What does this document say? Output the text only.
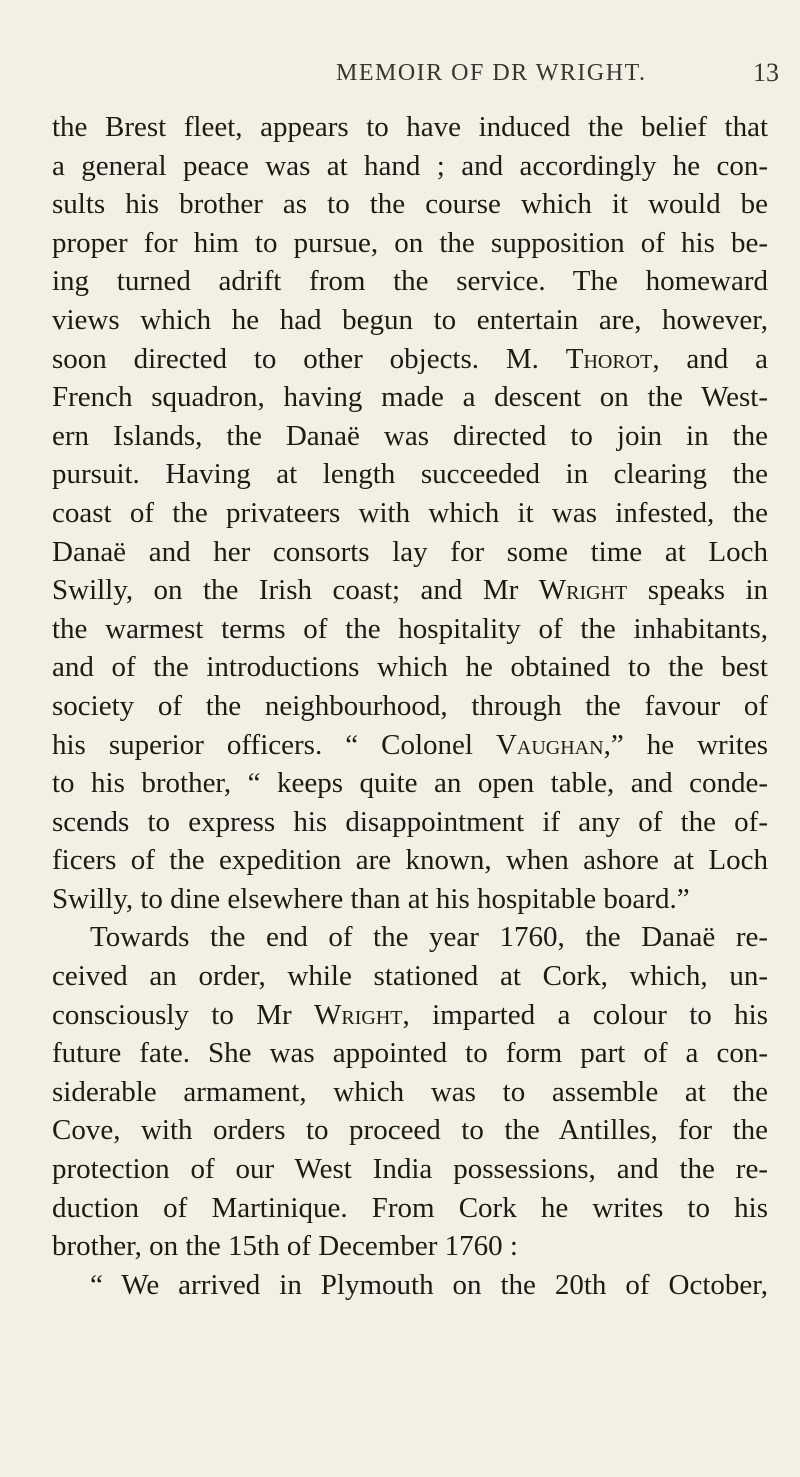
MEMOIR OF DR WRIGHT.	13
the Brest fleet, appears to have induced the belief that
a general peace was at hand ; and accordingly he con-
sults his brother as to the course which it would be
proper for him to pursue, on the supposition of his be-
ing turned adrift from the service. The homeward
views which he had begun to entertain are, however,
soon directed to other objects. M. Thorot, and a
French squadron, having made a descent on the West-
ern Islands, the Danaë was directed to join in the
pursuit. Having at length succeeded in clearing the
coast of the privateers with which it was infested, the
Danaë and her consorts lay for some time at Loch
Swilly, on the Irish coast; and Mr Wright speaks in
the warmest terms of the hospitality of the inhabitants,
and of the introductions which he obtained to the best
society of the neighbourhood, through the favour of
his superior officers. “ Colonel Vaughan,” he writes
to his brother, “ keeps quite an open table, and conde-
scends to express his disappointment if any of the of-
ficers of the expedition are known, when ashore at Loch
Swilly, to dine elsewhere than at his hospitable board.”
Towards the end of the year 1760, the Danaë re-
ceived an order, while stationed at Cork, which, un-
consciously to Mr Wright, imparted a colour to his
future fate. She was appointed to form part of a con-
siderable armament, which was to assemble at the
Cove, with orders to proceed to the Antilles, for the
protection of our West India possessions, and the re-
duction of Martinique. From Cork he writes to his
brother, on the 15th of December 1760 :
“ We arrived in Plymouth on the 20th of October,
